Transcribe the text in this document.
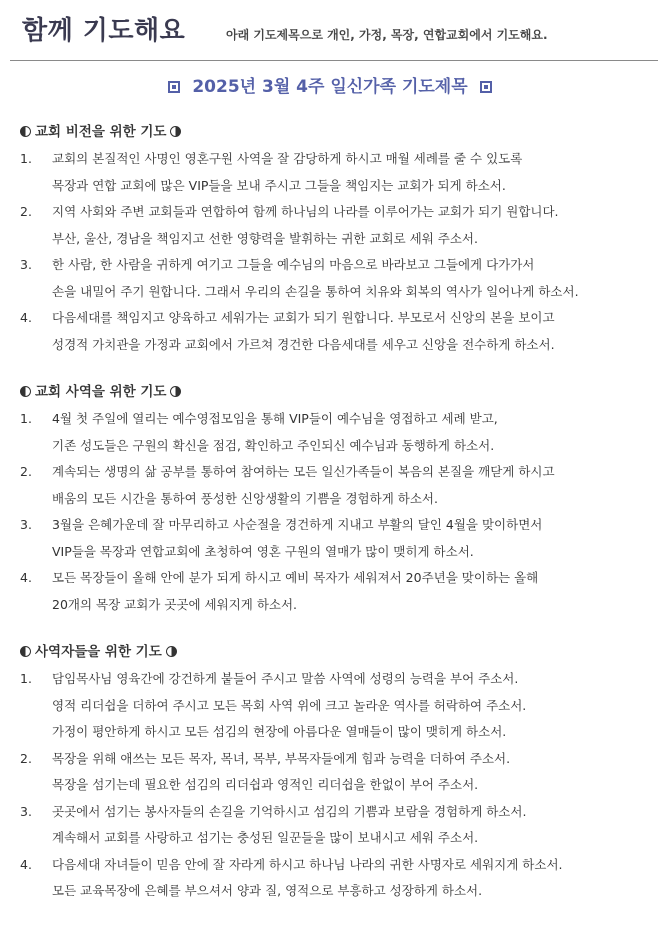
함께 기도해요	아래 기도제목으로 개인, 가정, 목장, 연합교회에서 기도해요.
2025년 3월 4주 일신가족 기도제목
교회 비전을 위한 기도
1.	교회의 본질적인 사명인 영혼구원 사역을 잘 감당하게 하시고 매월 세례를 줄 수 있도록
목장과 연합 교회에 많은 VIP들을 보내 주시고 그들을 책임지는 교회가 되게 하소서.
2.	지역 사회와 주변 교회들과 연합하여 함께 하나님의 나라를 이루어가는 교회가 되기 원합니다.
부산, 울산, 경남을 책임지고 선한 영향력을 발휘하는 귀한 교회로 세워 주소서.
3.	한 사람, 한 사람을 귀하게 여기고 그들을 예수님의 마음으로 바라보고 그들에게 다가가서
손을 내밀어 주기 원합니다. 그래서 우리의 손길을 통하여 치유와 회복의 역사가 일어나게 하소서.
4.	다음세대를 책임지고 양육하고 세워가는 교회가 되기 원합니다. 부모로서 신앙의 본을 보이고
성경적 가치관을 가정과 교회에서 가르쳐 경건한 다음세대를 세우고 신앙을 전수하게 하소서.
교회 사역을 위한 기도
1.	4월 첫 주일에 열리는 예수영접모임을 통해 VIP들이 예수님을 영접하고 세례 받고,
기존 성도들은 구원의 확신을 점검, 확인하고 주인되신 예수님과 동행하게 하소서.
2.	계속되는 생명의 삶 공부를 통하여 참여하는 모든 일신가족들이 복음의 본질을 깨닫게 하시고
배움의 모든 시간을 통하여 풍성한 신앙생활의 기쁨을 경험하게 하소서.
3.	3월을 은혜가운데 잘 마무리하고 사순절을 경건하게 지내고 부활의 달인 4월을 맞이하면서
VIP들을 목장과 연합교회에 초청하여 영혼 구원의 열매가 많이 맺히게 하소서.
4.	모든 목장들이 올해 안에 분가 되게 하시고 예비 목자가 세워져서 20주년을 맞이하는 올해
20개의 목장 교회가 곳곳에 세워지게 하소서.
사역자들을 위한 기도
1.	담임목사님 영육간에 강건하게 붙들어 주시고 말씀 사역에 성령의 능력을 부어 주소서.
영적 리더쉽을 더하여 주시고 모든 목회 사역 위에 크고 놀라운 역사를 허락하여 주소서.
가정이 평안하게 하시고 모든 섬김의 현장에 아름다운 열매들이 많이 맺히게 하소서.
2.	목장을 위해 애쓰는 모든 목자, 목녀, 목부, 부목자들에게 힘과 능력을 더하여 주소서.
목장을 섬기는데 필요한 섬김의 리더쉽과 영적인 리더쉽을 한없이 부어 주소서.
3.	곳곳에서 섬기는 봉사자들의 손길을 기억하시고 섬김의 기쁨과 보람을 경험하게 하소서.
계속해서 교회를 사랑하고 섬기는 충성된 일꾼들을 많이 보내시고 세워 주소서.
4.	다음세대 자녀들이 믿음 안에 잘 자라게 하시고 하나님 나라의 귀한 사명자로 세워지게 하소서.
모든 교육목장에 은혜를 부으셔서 양과 질, 영적으로 부흥하고 성장하게 하소서.
